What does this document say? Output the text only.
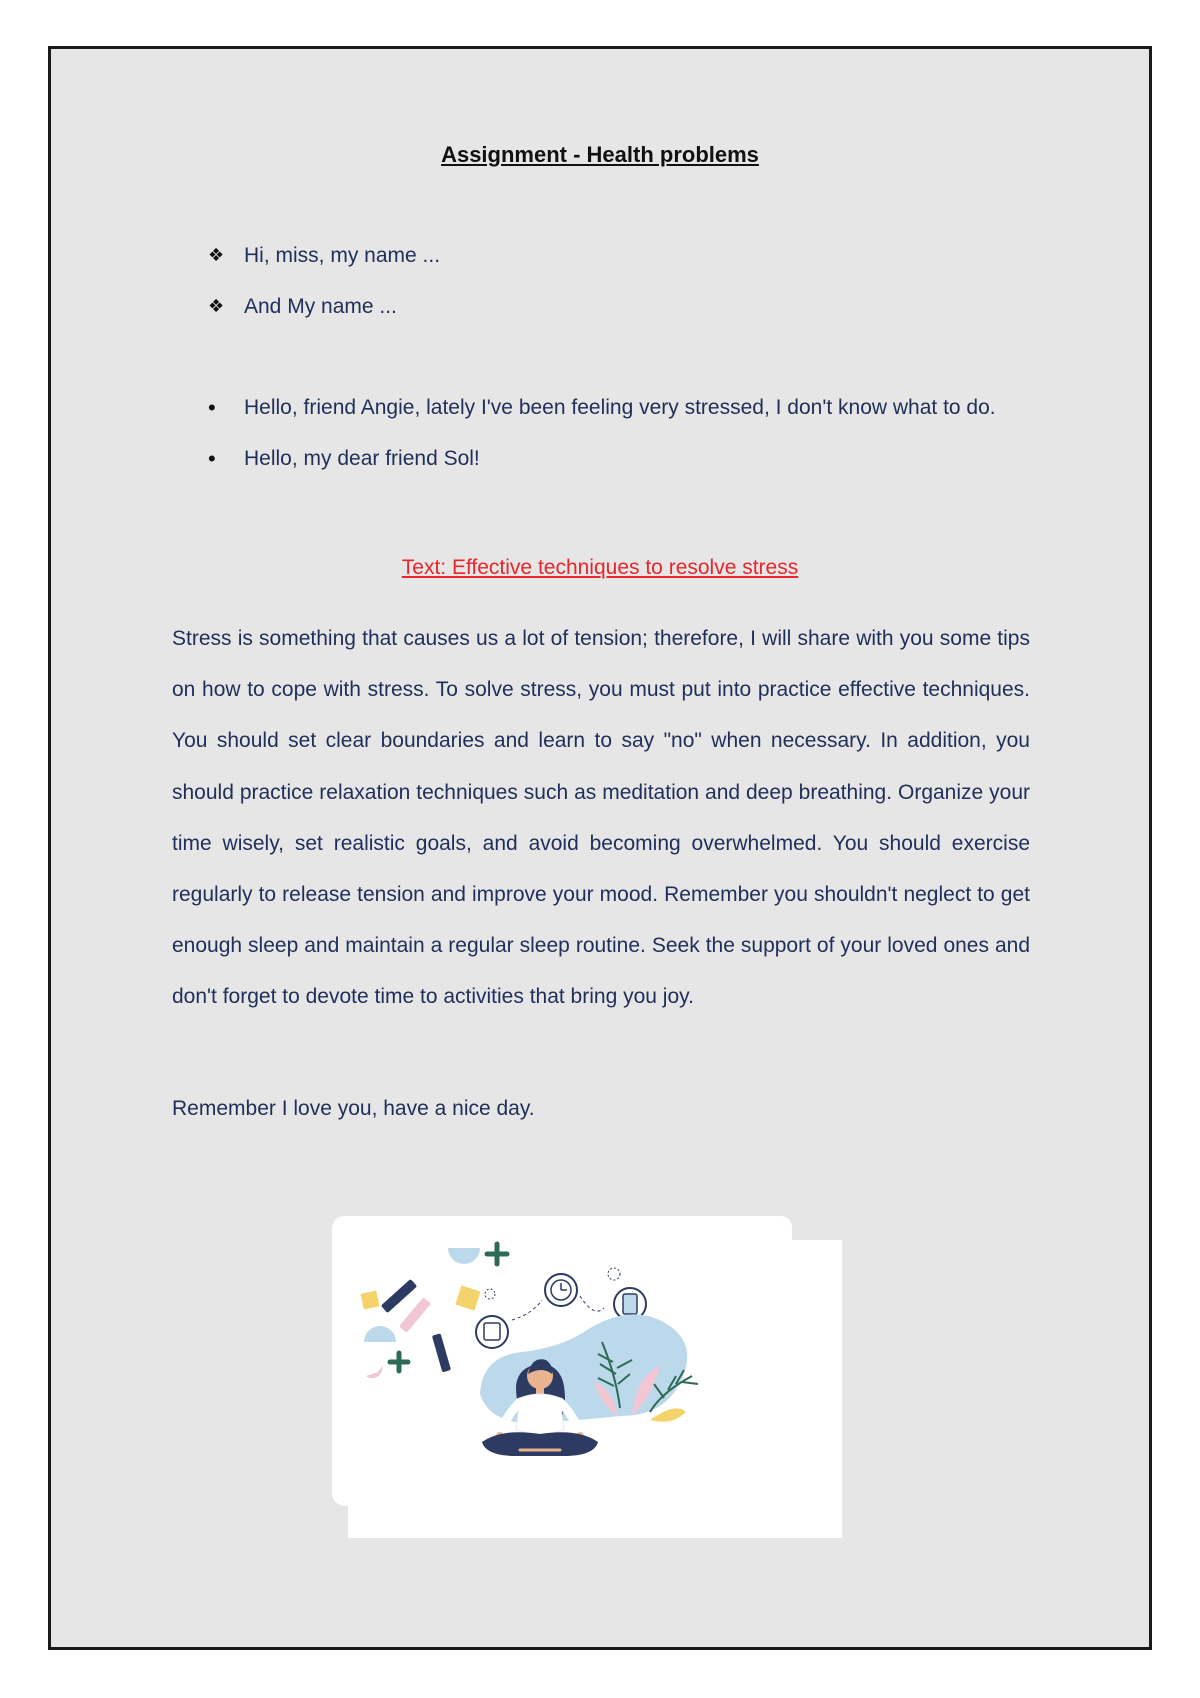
Assignment - Health problems
❖ Hi, miss, my name ...
❖ And My name ...
• Hello, friend Angie, lately I've been feeling very stressed, I don't know what to do.
• Hello, my dear friend Sol!
Text: Effective techniques to resolve stress

Stress is something that causes us a lot of tension; therefore, I will share with you some tips on how to cope with stress. To solve stress, you must put into practice effective techniques. You should set clear boundaries and learn to say "no" when necessary. In addition, you should practice relaxation techniques such as meditation and deep breathing. Organize your time wisely, set realistic goals, and avoid becoming overwhelmed. You should exercise regularly to release tension and improve your mood. Remember you shouldn't neglect to get enough sleep and maintain a regular sleep routine. Seek the support of your loved ones and don't forget to devote time to activities that bring you joy.

Remember I love you, have a nice day.
